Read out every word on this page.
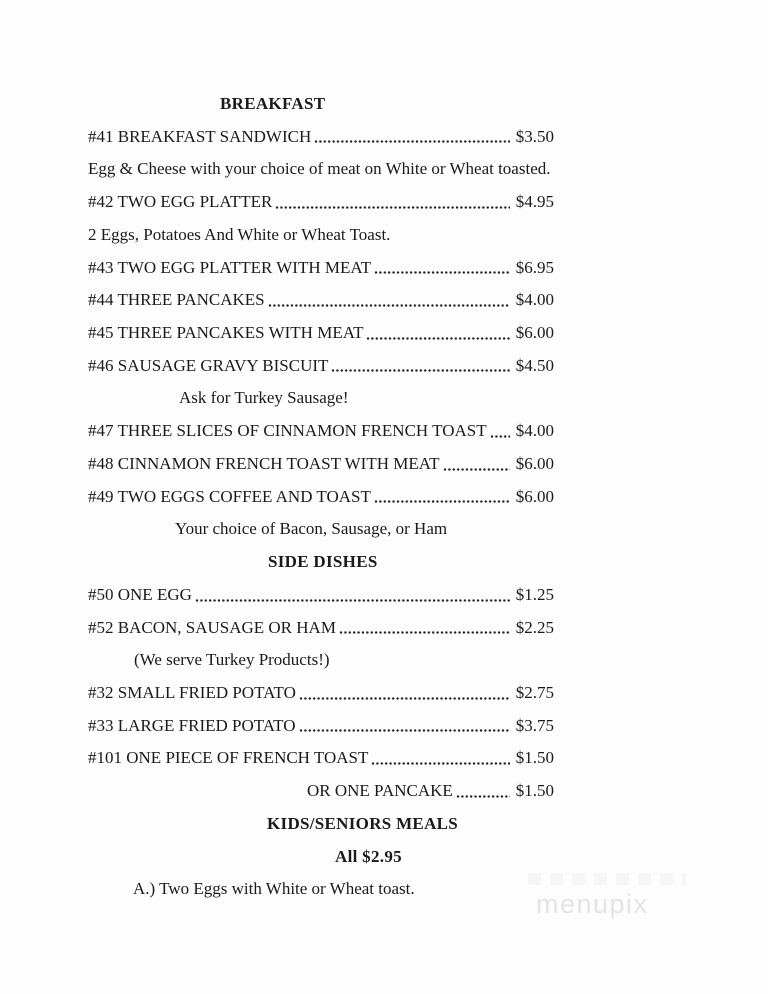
BREAKFAST
#41 BREAKFAST SANDWICH	$3.50
Egg & Cheese with your choice of meat on White or Wheat toasted.
#42 TWO EGG PLATTER	$4.95
2 Eggs, Potatoes And White or Wheat Toast.
#43 TWO EGG PLATTER WITH MEAT	$6.95
#44 THREE PANCAKES	$4.00
#45 THREE PANCAKES WITH MEAT	$6.00
#46 SAUSAGE GRAVY BISCUIT	$4.50
Ask for Turkey Sausage!
#47 THREE SLICES OF CINNAMON FRENCH TOAST $4.00
#48 CINNAMON FRENCH TOAST WITH MEAT	$6.00
#49 TWO EGGS COFFEE AND TOAST	$6.00
Your choice of Bacon, Sausage, or Ham
SIDE DISHES
#50 ONE EGG	$1.25
#52 BACON, SAUSAGE OR HAM	$2.25
(We serve Turkey Products!)
#32 SMALL FRIED POTATO	$2.75
#33 LARGE FRIED POTATO	$3.75
#101 ONE PIECE OF FRENCH TOAST	$1.50
OR ONE PANCAKE	$1.50
KIDS/SENIORS MEALS
All $2.95
A.) Two Eggs with White or Wheat toast.
menupix
